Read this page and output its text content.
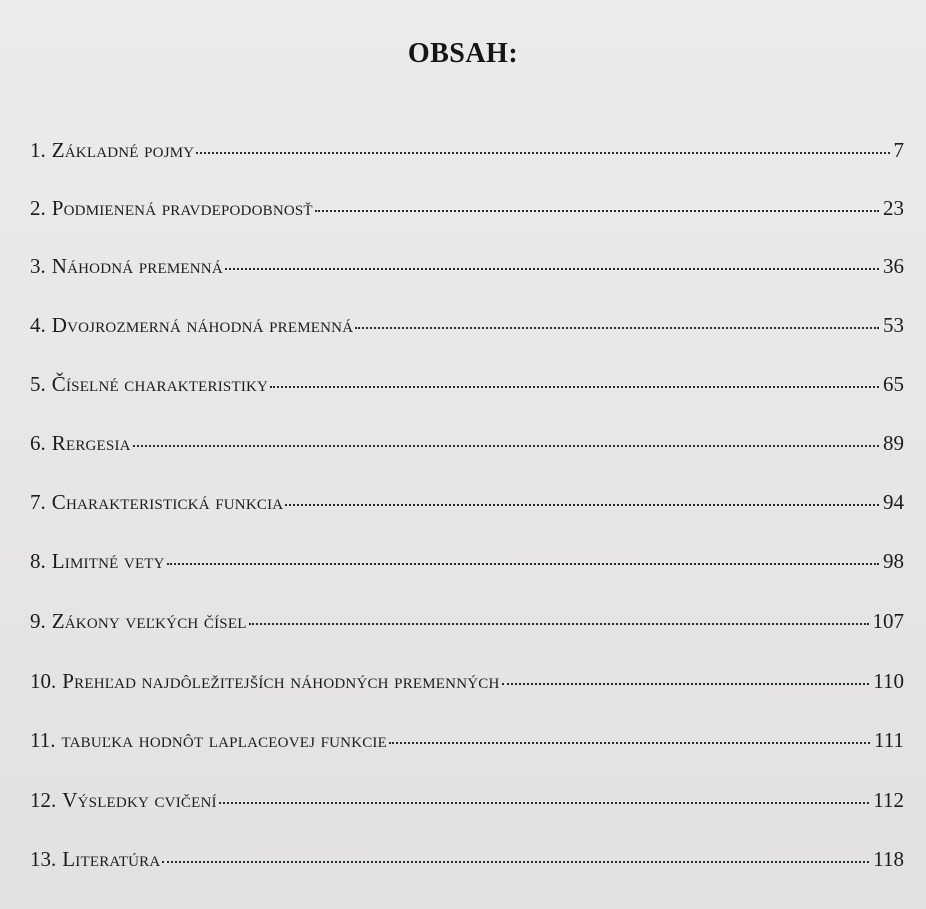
OBSAH:
1. Základné pojmy	7
2. Podmienená pravdepodobnosť	23
3. Náhodná premenná	36
4. Dvojrozmerná náhodná premenná	53
5. Číselné charakteristiky	65
6. Rergesia	89
7. Charakteristická funkcia	94
8. Limitné vety	98
9. Zákony veľkých čísel	107
10. Prehľad najdôležitejších náhodných premenných	110
11. tabuľka hodnôt laplaceovej funkcie	111
12. Výsledky cvičení	112
13. Literatúra	118
